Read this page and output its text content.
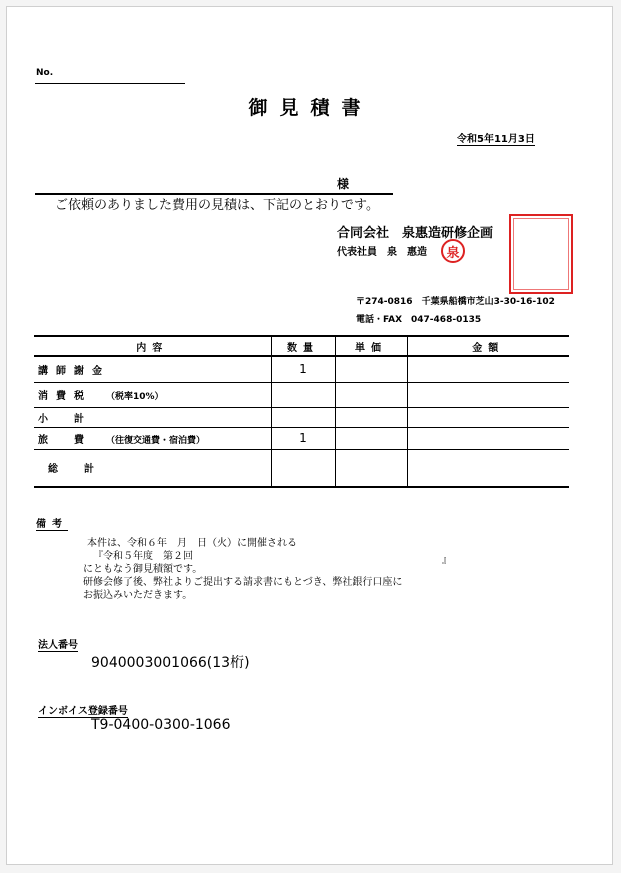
No.
御見積書
令和5年11月3日
様
ご依頼のありました費用の見積は、下記のとおりです。
合同会社　泉惠造研修企画
代表社員　泉　惠造 泉
〒274-0816　千葉県船橋市芝山3-30-16-102
電話・FAX　047-468-0135
内容	数量	単価	金額
講師謝金	1		
消費税 （税率10%）			
小　計			
旅　費 （往復交通費・宿泊費）	1		
総計			
備考
本件は、令和６年　月　日（火）に開催される
『令和５年度　第２回
にともなう御見積額です。
研修会修了後、弊社よりご提出する請求書にもとづき、弊社銀行口座に
お振込みいただきます。
』
法人番号
9040003001066(13桁)
インボイス登録番号
T9-0400-0300-1066
